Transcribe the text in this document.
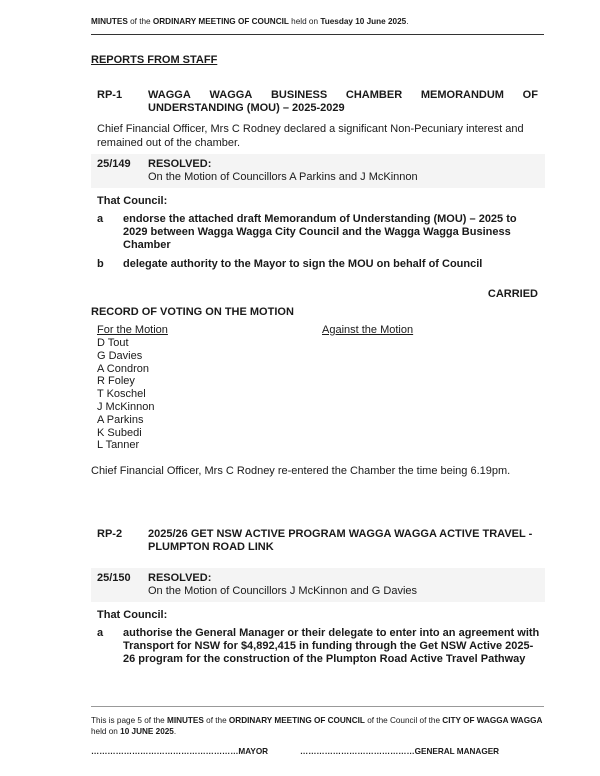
MINUTES of the ORDINARY MEETING OF COUNCIL held on Tuesday 10 June 2025.
REPORTS FROM STAFF
RP-1 WAGGA WAGGA BUSINESS CHAMBER MEMORANDUM OF
UNDERSTANDING (MOU) – 2025-2029
Chief Financial Officer, Mrs C Rodney declared a significant Non-Pecuniary interest and remained out of the chamber.
25/149 RESOLVED:
On the Motion of Councillors A Parkins and J McKinnon
That Council:
a endorse the attached draft Memorandum of Understanding (MOU) – 2025 to 2029 between Wagga Wagga City Council and the Wagga Wagga Business Chamber
b delegate authority to the Mayor to sign the MOU on behalf of Council
CARRIED
RECORD OF VOTING ON THE MOTION
For the Motion	Against the Motion
D Tout
G Davies
A Condron
R Foley
T Koschel
J McKinnon
A Parkins
K Subedi
L Tanner
Chief Financial Officer, Mrs C Rodney re-entered the Chamber the time being 6.19pm.
RP-2 2025/26 GET NSW ACTIVE PROGRAM WAGGA WAGGA ACTIVE TRAVEL -
PLUMPTON ROAD LINK
25/150 RESOLVED:
On the Motion of Councillors J McKinnon and G Davies
That Council:
a authorise the General Manager or their delegate to enter into an agreement with Transport for NSW for $4,892,415 in funding through the Get NSW Active 2025-26 program for the construction of the Plumpton Road Active Travel Pathway
This is page 5 of the MINUTES of the ORDINARY MEETING OF COUNCIL of the Council of the CITY OF WAGGA WAGGA held on 10 JUNE 2025.
………………………………………………MAYOR	……………………………………GENERAL MANAGER
